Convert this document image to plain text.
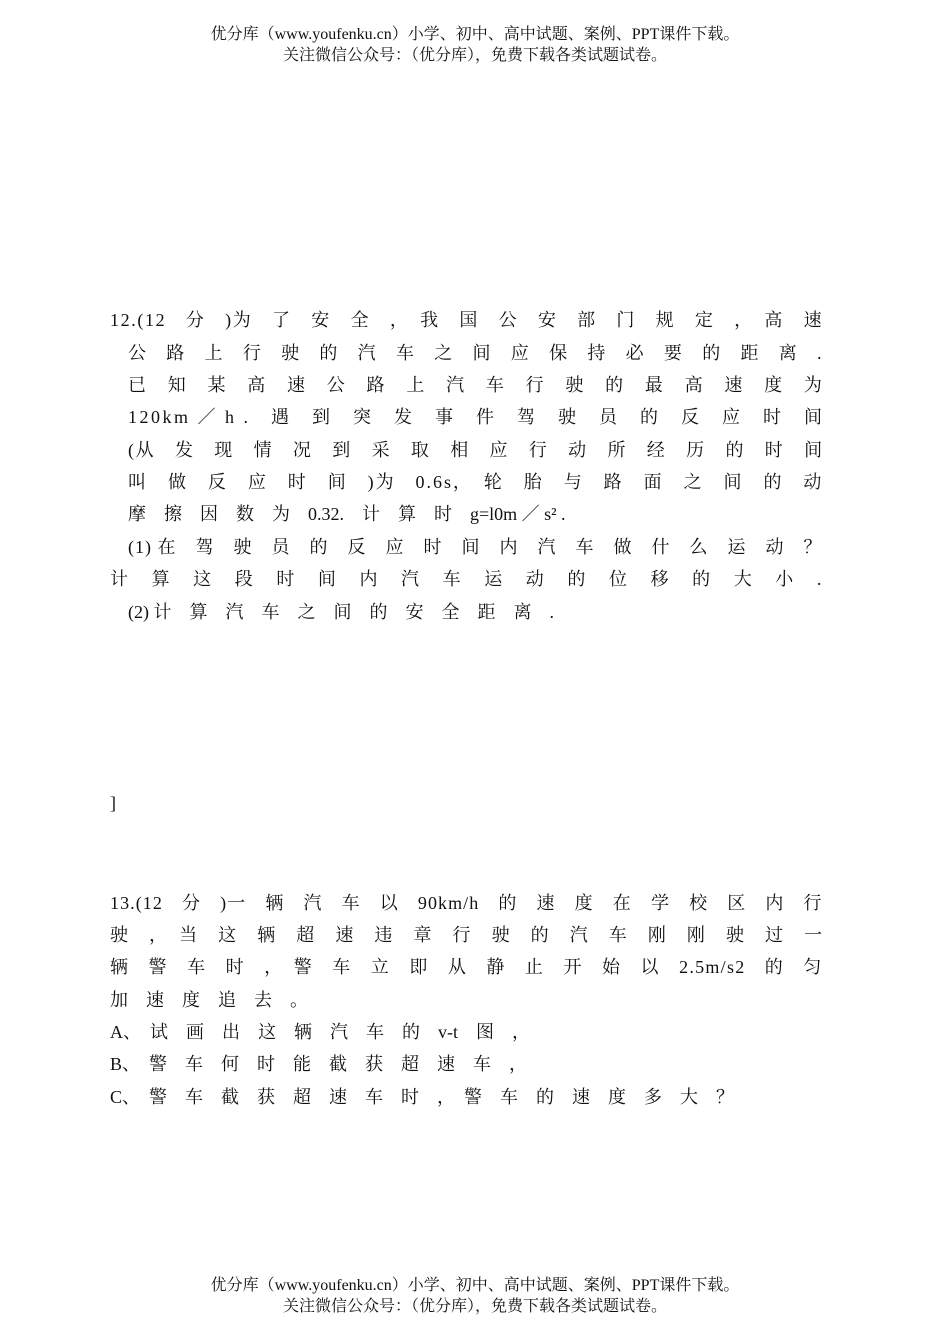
优分库（www.youfenku.cn）小学、初中、高中试题、案例、PPT课件下载。
关注微信公众号：（优分库），免费下载各类试题试卷。
12.(12　分　)为　了　安　全　，　我　国　公　安　部　门　规　定　，　高　速
公　路　上　行　驶　的　汽　车　之　间　应　保　持　必　要　的　距　离　.
已　知　某　高　速　公　路　上　汽　车　行　驶　的　最　高　速　度　为
120km ／ h .　遇　到　突　发　事　件　驾　驶　员　的　反　应　时　间
(从　发　现　情　况　到　采　取　相　应　行　动　所　经　历　的　时　间
叫　做　反　应　时　间　)为　0.6s，　轮　胎　与　路　面　之　间　的　动
摩　擦　因　数　为　0.32.　计　算　时　g=l0m ／ s² .
(1) 在　驾　驶　员　的　反　应　时　间　内　汽　车　做　什　么　运　动　？
计　算　这　段　时　间　内　汽　车　运　动　的　位　移　的　大　小　.
(2) 计　算　汽　车　之　间　的　安　全　距　离　.
]
13.(12　分　)一　辆　汽　车　以　90km/h　的　速　度　在　学　校　区　内　行
驶　，　当　这　辆　超　速　违　章　行　驶　的　汽　车　刚　刚　驶　过　一
辆　警　车　时　，　警　车　立　即　从　静　止　开　始　以　2.5m/s2　的　匀
加　速　度　追　去　。
A、　试　画　出　这　辆　汽　车　的　v-t　图　，
B、　警　车　何　时　能　截　获　超　速　车　，
C、　警　车　截　获　超　速　车　时　，　警　车　的　速　度　多　大　？
优分库（www.youfenku.cn）小学、初中、高中试题、案例、PPT课件下载。
关注微信公众号：（优分库），免费下载各类试题试卷。
